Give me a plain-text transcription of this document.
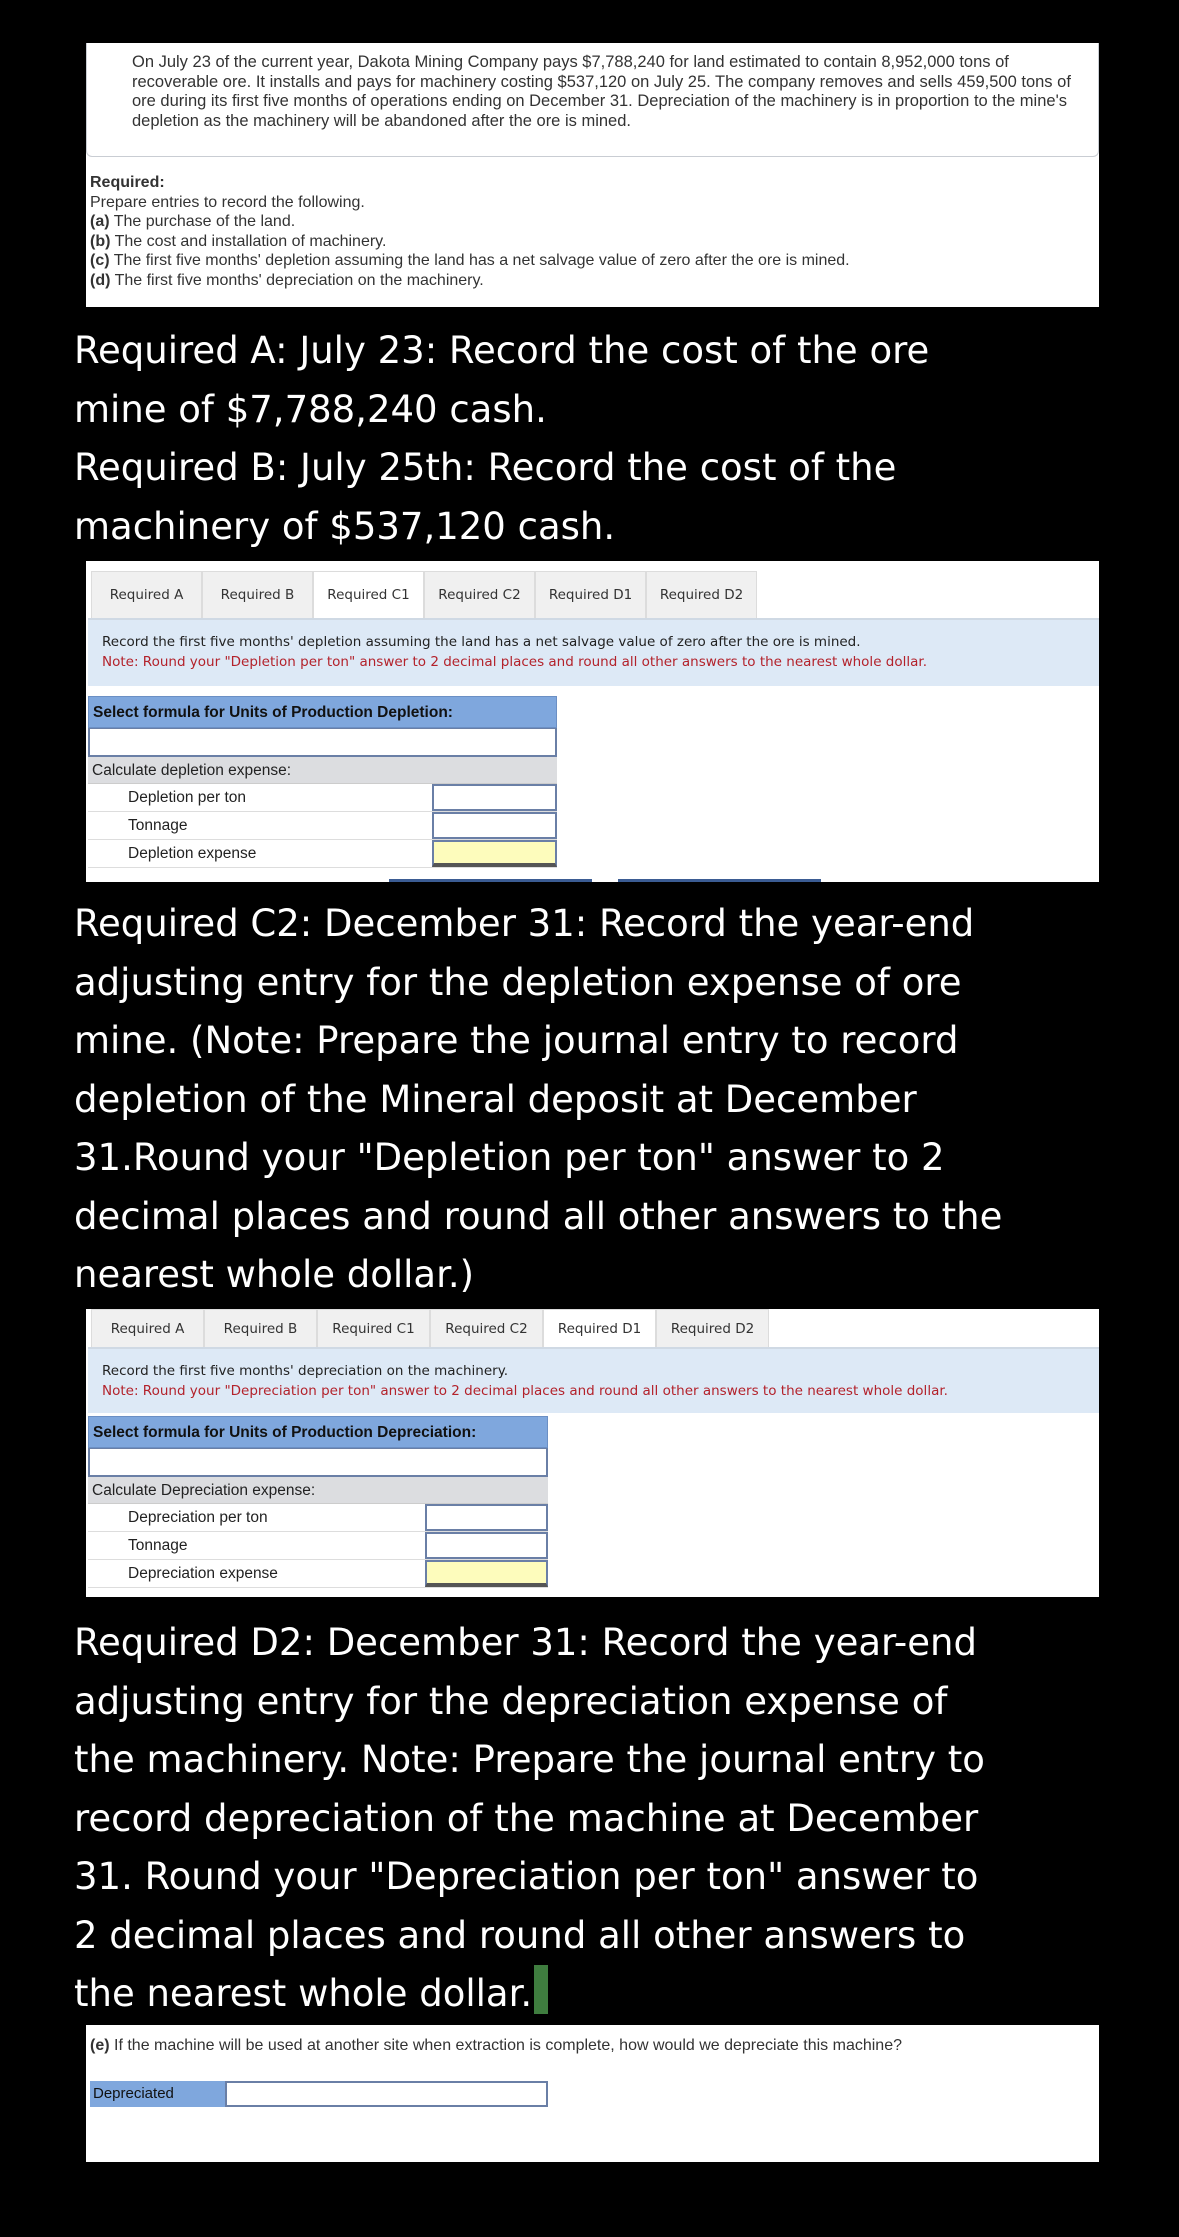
On July 23 of the current year, Dakota Mining Company pays $7,788,240 for land estimated to contain 8,952,000 tons of recoverable ore. It installs and pays for machinery costing $537,120 on July 25. The company removes and sells 459,500 tons of ore during its first five months of operations ending on December 31. Depreciation of the machinery is in proportion to the mine's depletion as the machinery will be abandoned after the ore is mined.
Required:
Prepare entries to record the following.
(a) The purchase of the land.
(b) The cost and installation of machinery.
(c) The first five months' depletion assuming the land has a net salvage value of zero after the ore is mined.
(d) The first five months' depreciation on the machinery.
Required A: July 23: Record the cost of the ore
mine of $7,788,240 cash.
Required B: July 25th: Record the cost of the
machinery of $537,120 cash.
Required A	Required B	Required C1	Required C2	Required D1	Required D2
Record the first five months' depletion assuming the land has a net salvage value of zero after the ore is mined.
Note: Round your "Depletion per ton" answer to 2 decimal places and round all other answers to the nearest whole dollar.
Select formula for Units of Production Depletion:
Calculate depletion expense:
Depletion per ton
Tonnage
Depletion expense
Required C2: December 31: Record the year-end
adjusting entry for the depletion expense of ore
mine. (Note: Prepare the journal entry to record
depletion of the Mineral deposit at December
31.Round your "Depletion per ton" answer to 2
decimal places and round all other answers to the
nearest whole dollar.)
Required A	Required B	Required C1	Required C2	Required D1	Required D2
Record the first five months' depreciation on the machinery.
Note: Round your "Depreciation per ton" answer to 2 decimal places and round all other answers to the nearest whole dollar.
Select formula for Units of Production Depreciation:
Calculate Depreciation expense:
Depreciation per ton
Tonnage
Depreciation expense
Required D2: December 31: Record the year-end
adjusting entry for the depreciation expense of
the machinery. Note: Prepare the journal entry to
record depreciation of the machine at December
31. Round your "Depreciation per ton" answer to
2 decimal places and round all other answers to
the nearest whole dollar.
(e) If the machine will be used at another site when extraction is complete, how would we depreciate this machine?
Depreciated
